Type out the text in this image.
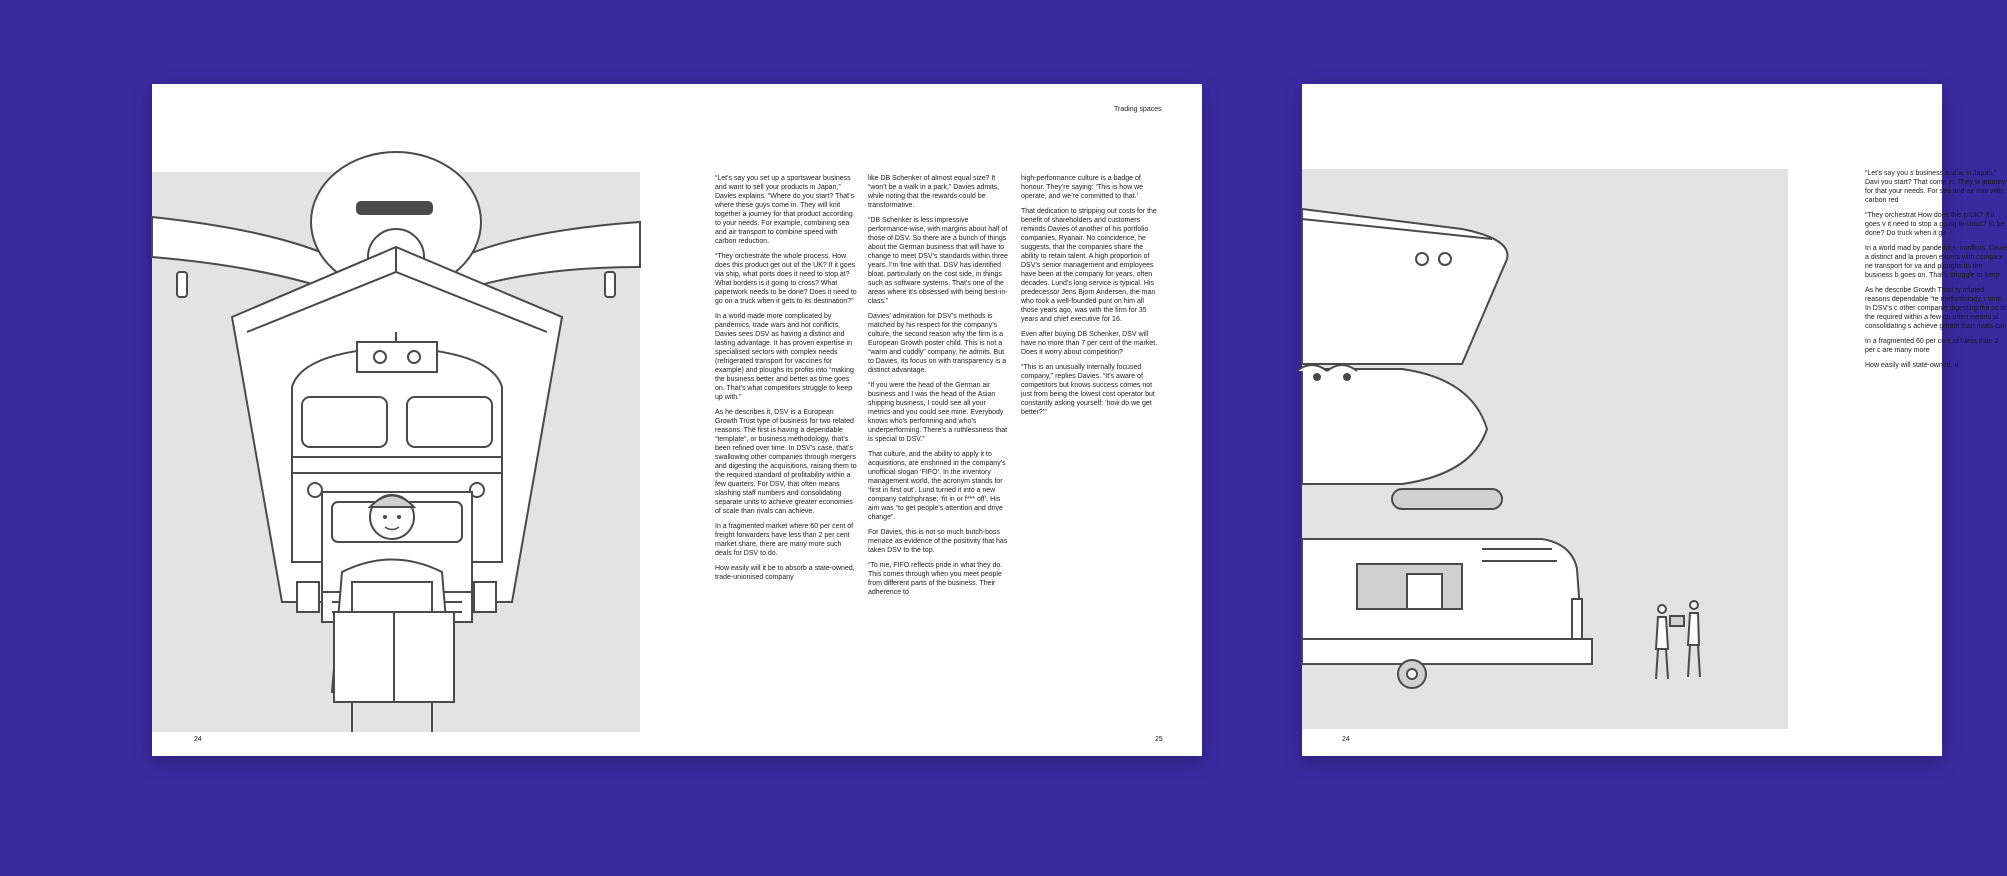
Trading spaces
24	25

“Let’s say you set up a sportswear business and want to sell your products in Japan,” Davies explains. “Where do you start? That’s where these guys come in. They will knit together a journey for that product according to your needs. For example, combining sea and air transport to combine speed with carbon reduction.

“They orchestrate the whole process. How does this product get out of the UK? If it goes via ship, what ports does it need to stop at? What borders is it going to cross? What paperwork needs to be done? Does it need to go on a truck when it gets to its destination?”

In a world made more complicated by pandemics, trade wars and hot conflicts, Davies sees DSV as having a distinct and lasting advantage. It has proven expertise in specialised sectors with complex needs (refrigerated transport for vaccines for example) and ploughs its profits into “making the business better and better as time goes on. That’s what competitors struggle to keep up with.”

As he describes it, DSV is a European Growth Trust type of business for two related reasons. The first is having a dependable “template”, or business methodology, that’s been refined over time. In DSV’s case, that’s swallowing other companies through mergers and digesting the acquisitions, raising them to the required standard of profitability within a few quarters. For DSV, that often means slashing staff numbers and consolidating separate units to achieve greater economies of scale than rivals can achieve.

In a fragmented market where 60 per cent of freight forwarders have less than 2 per cent market share, there are many more such deals for DSV to do.

How easily will it be to absorb a state-owned, trade-unionised company

like DB Schenker of almost equal size? It “won’t be a walk in a park,” Davies admits, while noting that the rewards could be transformative.

“DB Schenker is less impressive performance-wise, with margins about half of those of DSV. So there are a bunch of things about the German business that will have to change to meet DSV’s standards within three years. I’m fine with that. DSV has identified bloat, particularly on the cost side, in things such as software systems. That’s one of the areas where it’s obsessed with being best-in-class.”

Davies’ admiration for DSV’s methods is matched by his respect for the company’s culture, the second reason why the firm is a European Growth poster child. This is not a “warm and cuddly” company, he admits. But to Davies, its focus on with transparency is a distinct advantage.

“If you were the head of the German air business and I was the head of the Asian shipping business, I could see all your metrics and you could see mine. Everybody knows who’s performing and who’s underperforming. There’s a ruthlessness that is special to DSV.”

That culture, and the ability to apply it to acquisitions, are enshrined in the company’s unofficial slogan ‘FIFO’. In the inventory management world, the acronym stands for ‘first in first out’. Lund turned it into a new company catchphrase: ‘fit in or f*** off’. His aim was “to get people’s attention and drive change”.

For Davies, this is not so much butch-boss menace as evidence of the positivity that has taken DSV to the top.

“To me, FIFO reflects pride in what they do. This comes through when you meet people from different parts of the business. Their adherence to

high-performance culture is a badge of honour. They’re saying: ‘This is how we operate, and we’re committed to that.’

That dedication to stripping out costs for the benefit of shareholders and customers reminds Davies of another of his portfolio companies, Ryanair. No coincidence, he suggests, that the companies share the ability to retain talent. A high proportion of DSV’s senior management and employees have been at the company for years, often decades. Lund’s long service is typical. His predecessor Jens Bjorn Andersen, the man who took a well-founded punt on him all those years ago, was with the firm for 35 years and chief executive for 16.

Even after buying DB Schenker, DSV will have no more than 7 per cent of the market. Does it worry about competition?

“This is an unusually internally focused company,” replies Davies. “It’s aware of competitors but knows success comes not just from being the lowest cost operator but constantly asking yourself: ‘how do we get better?’”

24

“Let’s say you s business and w in Japan,” Davi you start? That come in. They w journey for that your needs. For sea and air tran with carbon red

“They orchestrat How does this p UK? If it goes v it need to stop a going to cross? to be done? Do truck when it ge

In a world mad by pandemics, conflicts, Davie a distinct and la proven experti with complex ne transport for va and ploughs its the business b goes on. That’s struggle to keep

As he describe Growth Trust ty related reasons dependable “te methodology, t time. In DSV’s c other companie digesting the ac to the required within a few qu often means sl consolidating s achieve greate than rivals can

In a fragmented 60 per cent of f less than 2 per c are many more

How easily will state-owned, tr
